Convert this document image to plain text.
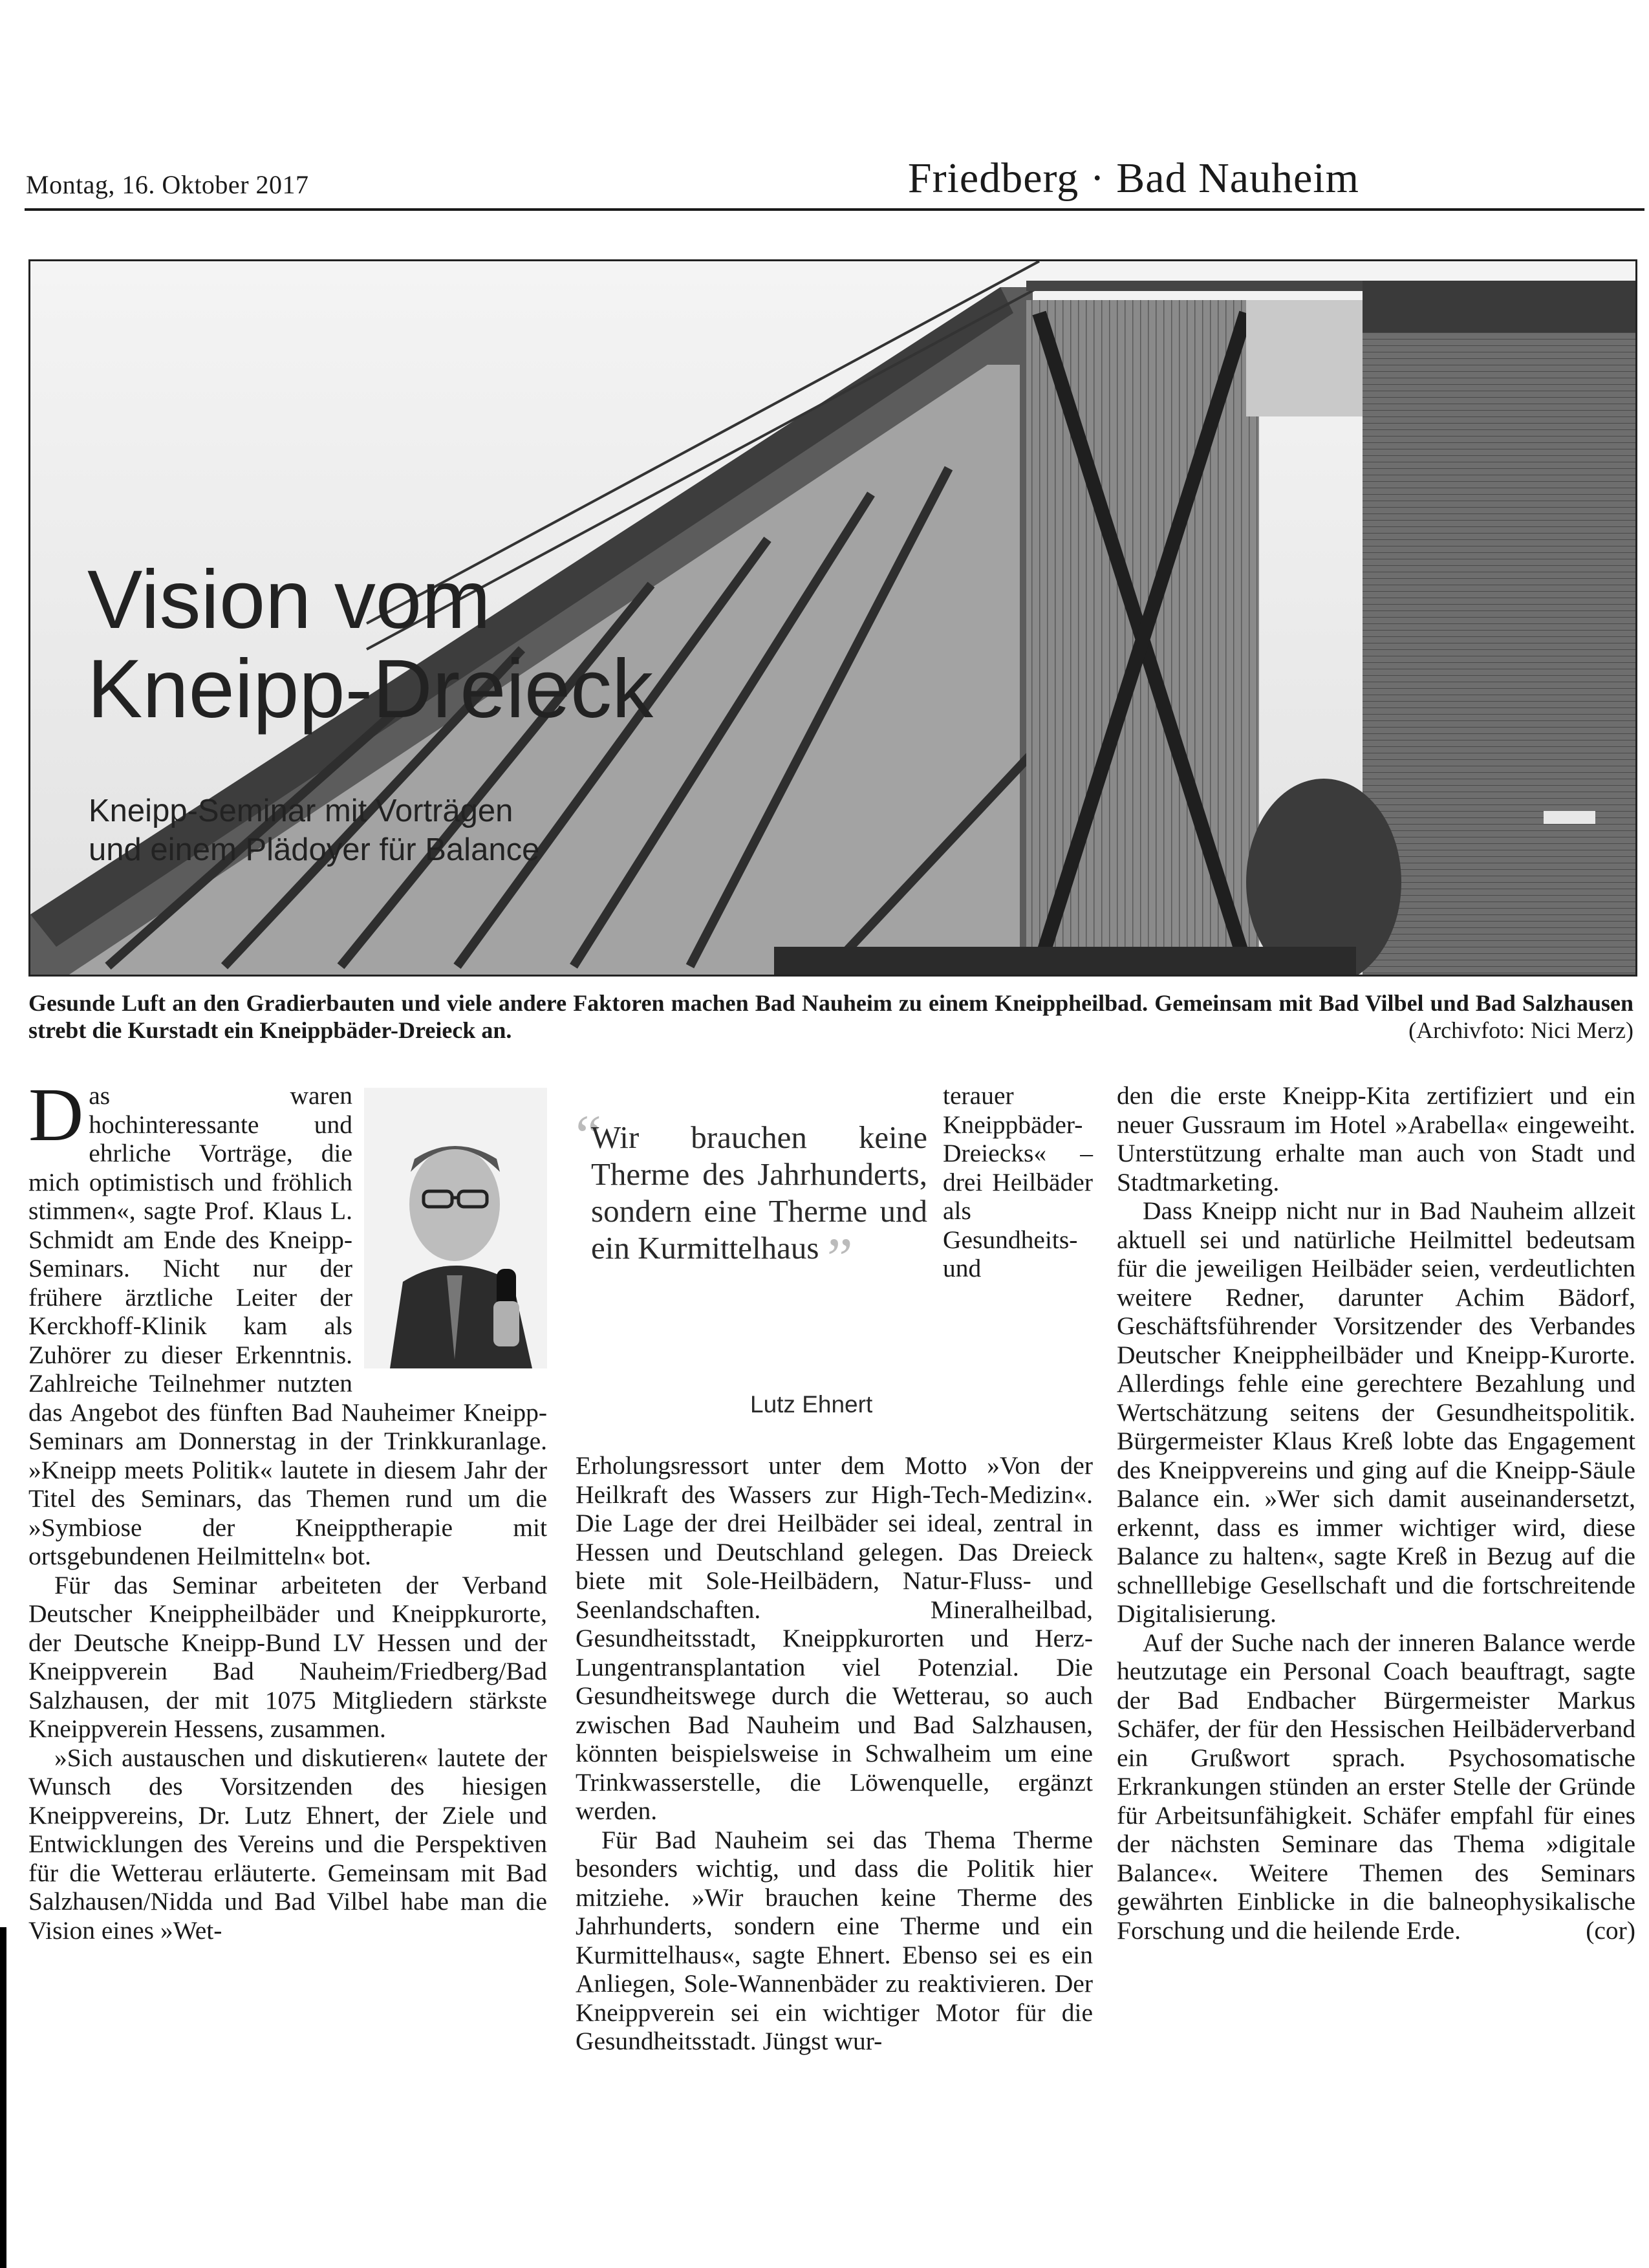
Montag, 16. Oktober 2017	Friedberg · Bad Nauheim
Vision vom
Kneipp-Dreieck
Kneipp-Seminar mit Vorträgen
und einem Plädoyer für Balance
Gesunde Luft an den Gradierbauten und viele andere Faktoren machen Bad Nauheim zu einem Kneippheilbad. Gemeinsam mit Bad Vilbel und Bad Salzhausen strebt die Kurstadt ein Kneippbäder-Dreieck an.	(Archivfoto: Nici Merz)

D as waren hochinteressante und ehrliche Vorträge, die mich optimistisch und fröhlich stimmen«, sagte Prof. Klaus L. Schmidt am Ende des Kneipp-Seminars. Nicht nur der frühere ärztliche Leiter der Kerckhoff-Klinik kam als Zuhörer zu dieser Erkenntnis. Zahlreiche Teilnehmer nutzten das Angebot des fünften Bad Nauheimer Kneipp-Seminars am Donnerstag in der Trinkkuranlage. »Kneipp meets Politik« lautete in diesem Jahr der Titel des Seminars, das Themen rund um die »Symbiose der Kneipptherapie mit ortsgebundenen Heilmitteln« bot.

Für das Seminar arbeiteten der Verband Deutscher Kneippheilbäder und Kneippkurorte, der Deutsche Kneipp-Bund LV Hessen und der Kneippverein Bad Nauheim/Friedberg/Bad Salzhausen, der mit 1075 Mitgliedern stärkste Kneippverein Hessens, zusammen.

»Sich austauschen und diskutieren« lautete der Wunsch des Vorsitzenden des hiesigen Kneippvereins, Dr. Lutz Ehnert, der Ziele und Entwicklungen des Vereins und die Perspektiven für die Wetterau erläuterte. Gemeinsam mit Bad Salzhausen/Nidda und Bad Vilbel habe man die Vision eines »Wet-

“
Wir brauchen keine Therme des Jahrhunderts, sondern eine Therme und ein Kurmittelhaus ”
Lutz Ehnert
terauer Kneippbäder-Dreiecks« – drei Heilbäder als Gesundheits- und Erholungsressort unter dem Motto »Von der Heilkraft des Wassers zur High-Tech-Medizin«. Die Lage der drei Heilbäder sei ideal, zentral in Hessen und Deutschland gelegen. Das Dreieck biete mit Sole-Heilbädern, Natur-Fluss- und Seenlandschaften. Mineralheilbad, Gesundheitsstadt, Kneippkurorten und Herz-Lungentransplantation viel Potenzial. Die Gesundheitswege durch die Wetterau, so auch zwischen Bad Nauheim und Bad Salzhausen, könnten beispielsweise in Schwalheim um eine Trinkwasserstelle, die Löwenquelle, ergänzt werden.

Für Bad Nauheim sei das Thema Therme besonders wichtig, und dass die Politik hier mitziehe. »Wir brauchen keine Therme des Jahrhunderts, sondern eine Therme und ein Kurmittelhaus«, sagte Ehnert. Ebenso sei es ein Anliegen, Sole-Wannenbäder zu reaktivieren. Der Kneippverein sei ein wichtiger Motor für die Gesundheitsstadt. Jüngst wur-

den die erste Kneipp-Kita zertifiziert und ein neuer Gussraum im Hotel »Arabella« eingeweiht. Unterstützung erhalte man auch von Stadt und Stadtmarketing.

Dass Kneipp nicht nur in Bad Nauheim allzeit aktuell sei und natürliche Heilmittel bedeutsam für die jeweiligen Heilbäder seien, verdeutlichten weitere Redner, darunter Achim Bädorf, Geschäftsführender Vorsitzender des Verbandes Deutscher Kneippheilbäder und Kneipp-Kurorte. Allerdings fehle eine gerechtere Bezahlung und Wertschätzung seitens der Gesundheitspolitik. Bürgermeister Klaus Kreß lobte das Engagement des Kneippvereins und ging auf die Kneipp-Säule Balance ein. »Wer sich damit auseinandersetzt, erkennt, dass es immer wichtiger wird, diese Balance zu halten«, sagte Kreß in Bezug auf die schnelllebige Gesellschaft und die fortschreitende Digitalisierung.

Auf der Suche nach der inneren Balance werde heutzutage ein Personal Coach beauftragt, sagte der Bad Endbacher Bürgermeister Markus Schäfer, der für den Hessischen Heilbäderverband ein Grußwort sprach. Psychosomatische Erkrankungen stünden an erster Stelle der Gründe für Arbeitsunfähigkeit. Schäfer empfahl für eines der nächsten Seminare das Thema »digitale Balance«. Weitere Themen des Seminars gewährten Einblicke in die balneophysikalische Forschung und die heilende Erde.	(cor)
